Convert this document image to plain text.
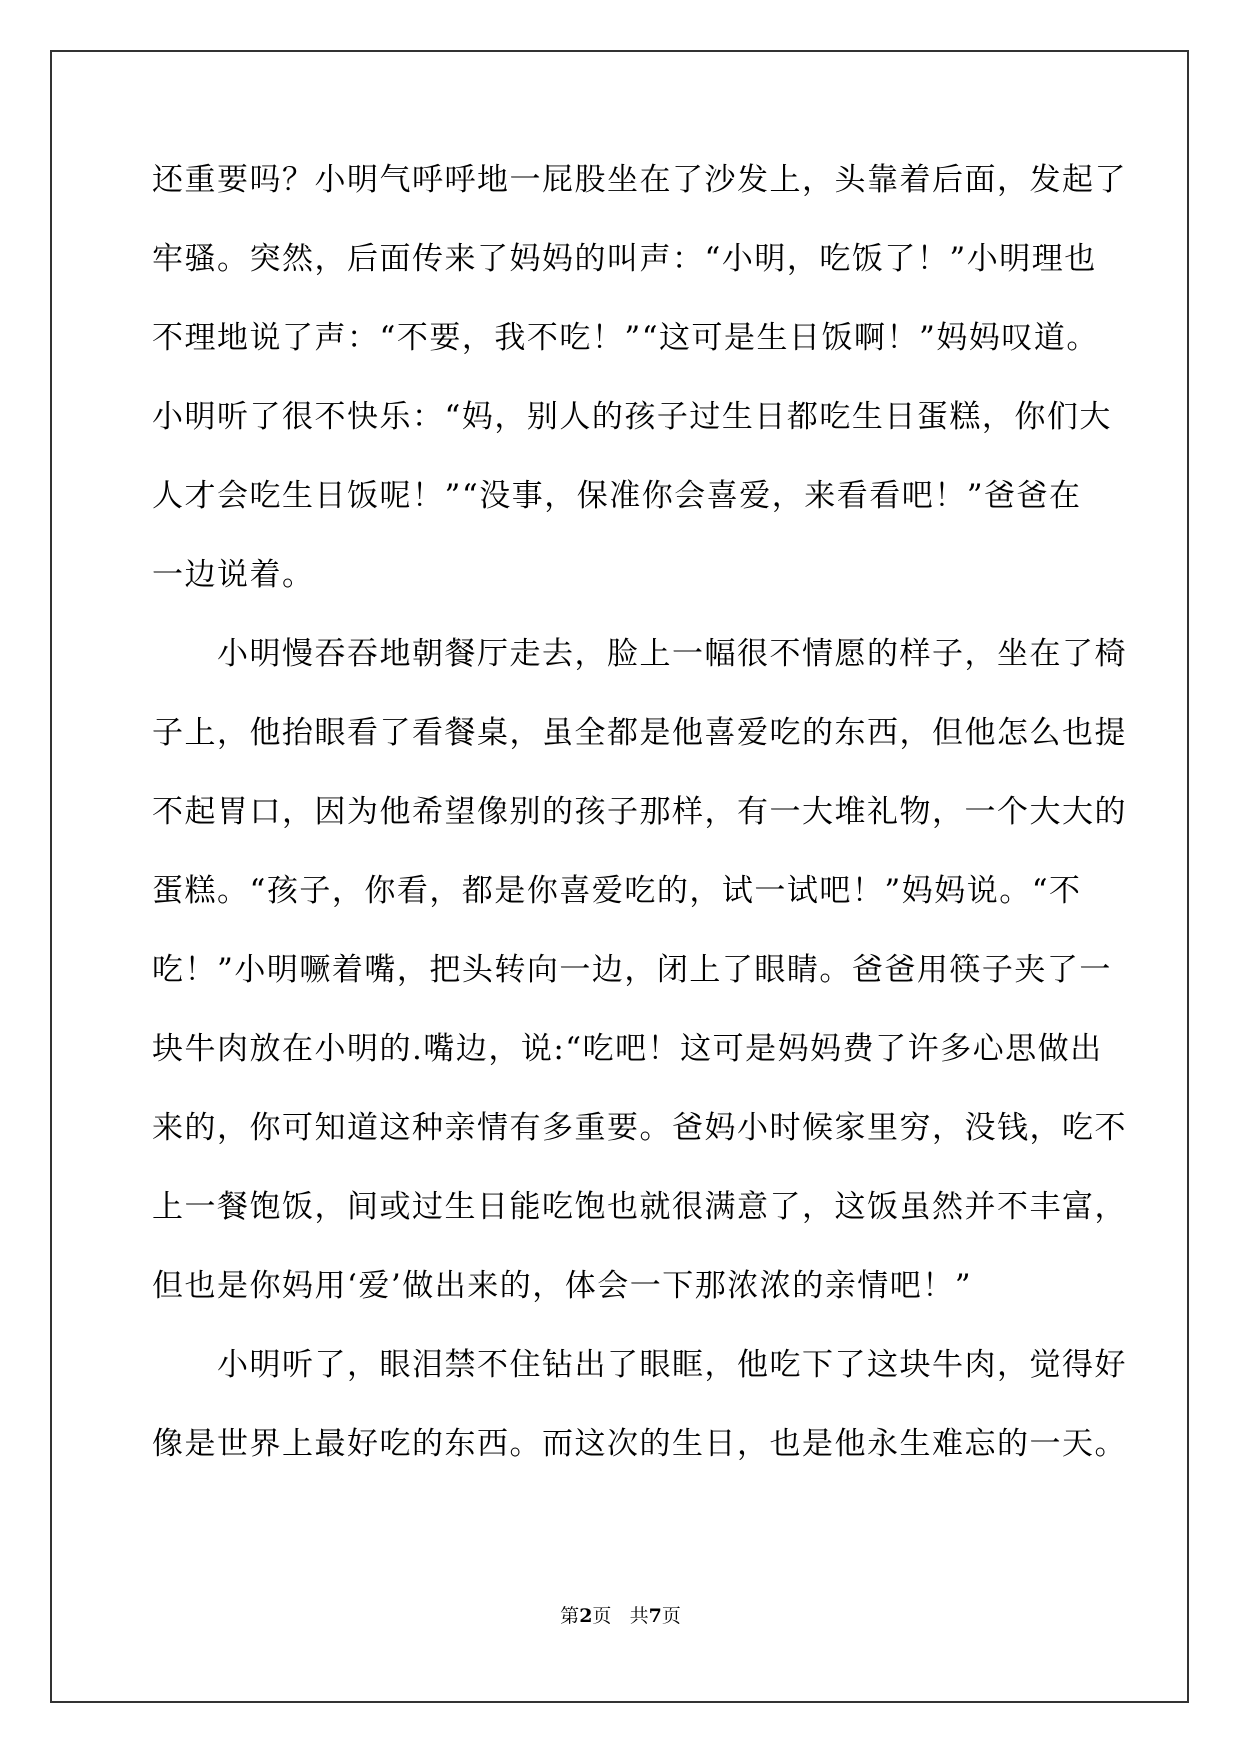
还重要吗？小明气呼呼地一屁股坐在了沙发上，头靠着后面，发起了
牢骚。突然，后面传来了妈妈的叫声：“小明，吃饭了！”小明理也
不理地说了声：“不要，我不吃！”“这可是生日饭啊！”妈妈叹道。
小明听了很不快乐：“妈，别人的孩子过生日都吃生日蛋糕，你们大
人才会吃生日饭呢！”“没事，保准你会喜爱，来看看吧！”爸爸在
一边说着。
　　小明慢吞吞地朝餐厅走去，脸上一幅很不情愿的样子，坐在了椅
子上，他抬眼看了看餐桌，虽全都是他喜爱吃的东西，但他怎么也提
不起胃口，因为他希望像别的孩子那样，有一大堆礼物，一个大大的
蛋糕。“孩子，你看，都是你喜爱吃的，试一试吧！”妈妈说。“不
吃！”小明噘着嘴，把头转向一边，闭上了眼睛。爸爸用筷子夹了一
块牛肉放在小明的.嘴边，说:“吃吧！这可是妈妈费了许多心思做出
来的，你可知道这种亲情有多重要。爸妈小时候家里穷，没钱，吃不
上一餐饱饭，间或过生日能吃饱也就很满意了，这饭虽然并不丰富，
但也是你妈用‘爱’做出来的，体会一下那浓浓的亲情吧！”
　　小明听了，眼泪禁不住钻出了眼眶，他吃下了这块牛肉，觉得好
像是世界上最好吃的东西。而这次的生日，也是他永生难忘的一天。
第2页 共7页
